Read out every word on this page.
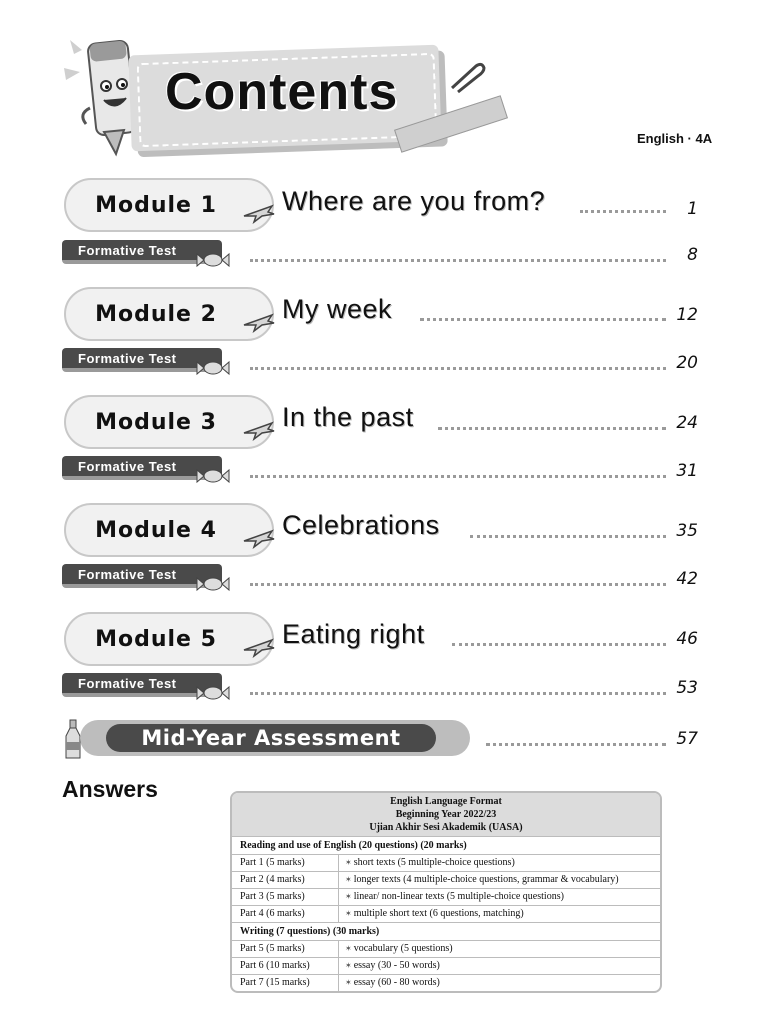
Contents
English · 4A
Module 1 Where are you from?	1
Formative Test	8
Module 2 My week	12
Formative Test	20
Module 3 In the past	24
Formative Test	31
Module 4 Celebrations	35
Formative Test	42
Module 5 Eating right	46
Formative Test	53
Mid-Year Assessment	57
Answers	English Language Format
Beginning Year 2022/23
Ujian Akhir Sesi Akademik (UASA)
Reading and use of English (20 questions) (20 marks)
Part 1 (5 marks)	✶ short texts (5 multiple-choice questions)
Part 2 (4 marks)	✶ longer texts (4 multiple-choice questions, grammar & vocabulary)
Part 3 (5 marks)	✶ linear/ non-linear texts (5 multiple-choice questions)
Part 4 (6 marks)	✶ multiple short text (6 questions, matching)
Writing (7 questions) (30 marks)
Part 5 (5 marks)	✶ vocabulary (5 questions)
Part 6 (10 marks)	✶ essay (30 - 50 words)
Part 7 (15 marks)	✶ essay (60 - 80 words)
